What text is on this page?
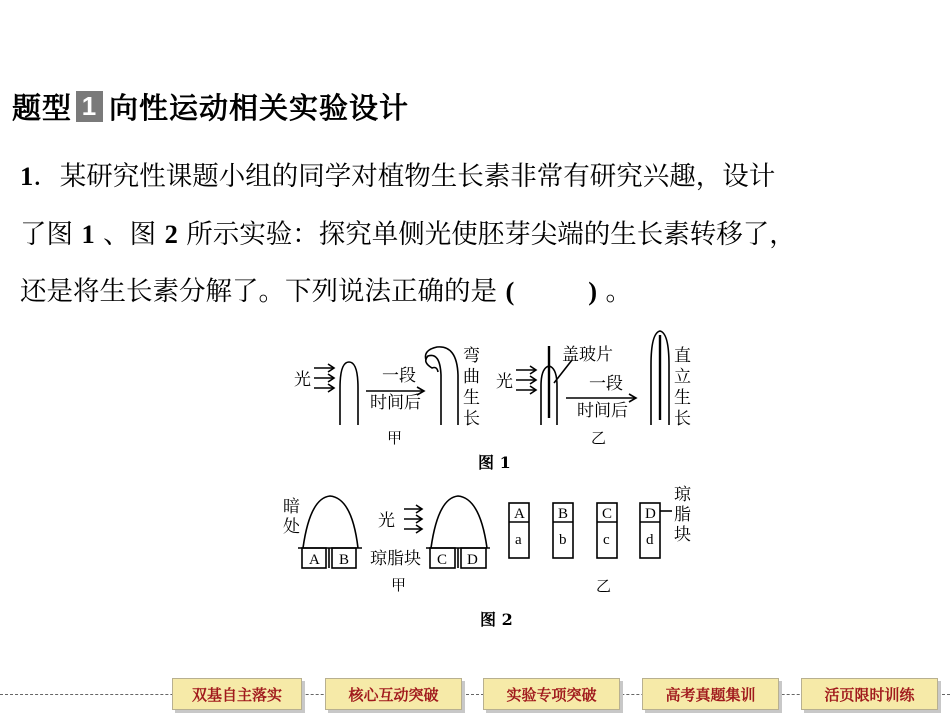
题型 1 向性运动相关实验设计
1．某研究性课题小组的同学对植物生长素非常有研究兴趣，设计
了图 1 、图 2 所示实验：探究单侧光使胚芽尖端的生长素转移了，
还是将生长素分解了。下列说法正确的是 (	) 。
光	一段
时间后
弯
曲
生
长
甲
盖玻片
光	一段
时间后
直
立
生
长
乙
图 1
暗
处
A B
光
琼脂块 C D
甲
A B C D
a b c d
琼
脂
块
乙
图 2
双基自主落实	核心互动突破	实验专项突破	高考真题集训	活页限时训练
